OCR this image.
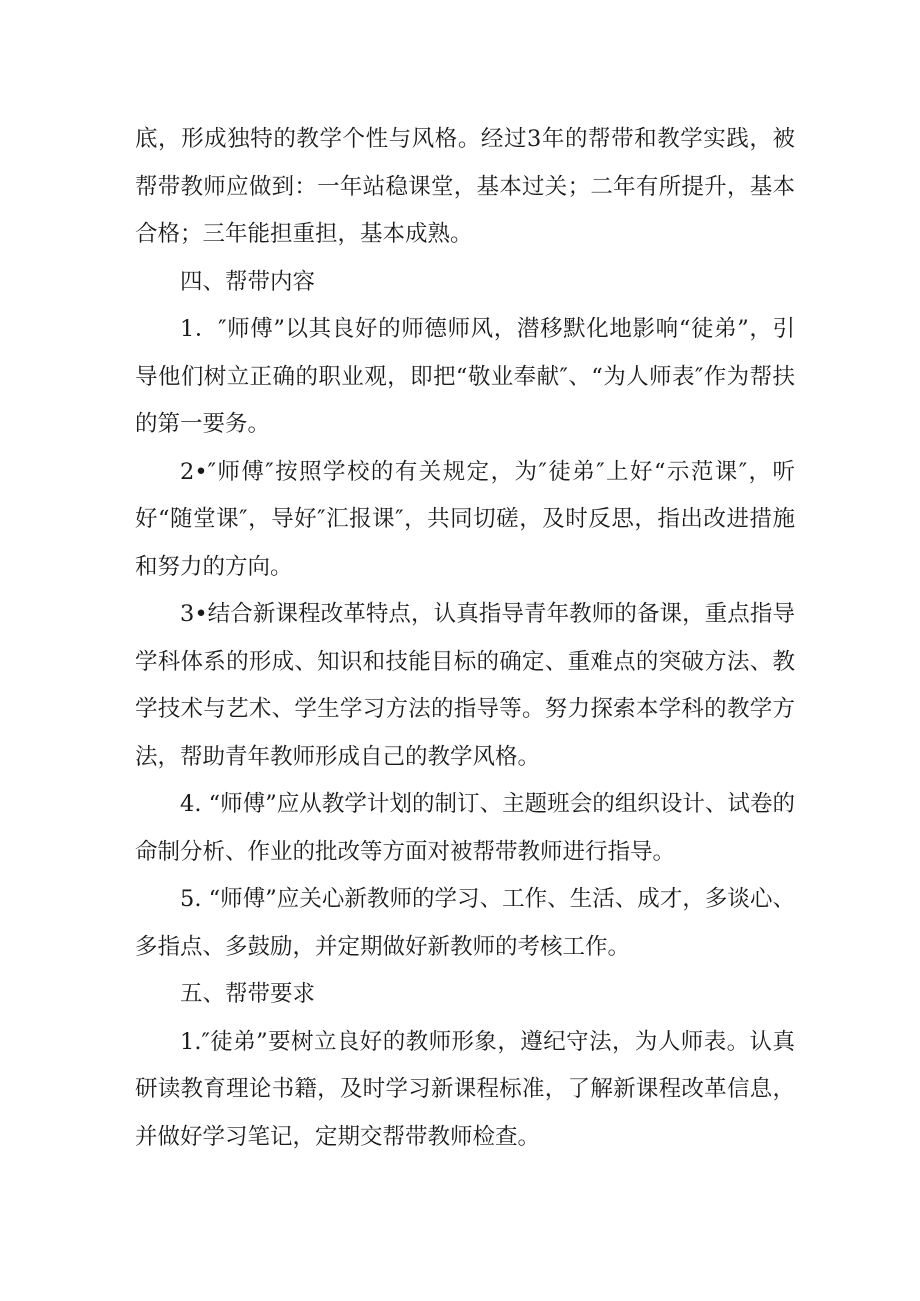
底，形成独特的教学个性与风格。经过3年的帮带和教学实践，被帮带教师应做到：一年站稳课堂，基本过关；二年有所提升，基本合格；三年能担重担，基本成熟。

四、帮带内容

1．″师傅”以其良好的师德师风，潜移默化地影响“徒弟”，引导他们树立正确的职业观，即把“敬业奉献″、“为人师表″作为帮扶的第一要务。

2•″师傅″按照学校的有关规定，为″徒弟″上好“示范课″，听好“随堂课″，导好″汇报课″，共同切磋，及时反思，指出改进措施和努力的方向。

3•结合新课程改革特点，认真指导青年教师的备课，重点指导学科体系的形成、知识和技能目标的确定、重难点的突破方法、教学技术与艺术、学生学习方法的指导等。努力探索本学科的教学方法，帮助青年教师形成自己的教学风格。

4. “师傅”应从教学计划的制订、主题班会的组织设计、试卷的命制分析、作业的批改等方面对被帮带教师进行指导。

5. “师傅”应关心新教师的学习、工作、生活、成才，多谈心、多指点、多鼓励，并定期做好新教师的考核工作。

五、帮带要求

1.″徒弟”要树立良好的教师形象，遵纪守法，为人师表。认真研读教育理论书籍，及时学习新课程标准，了解新课程改革信息，并做好学习笔记，定期交帮带教师检查。
